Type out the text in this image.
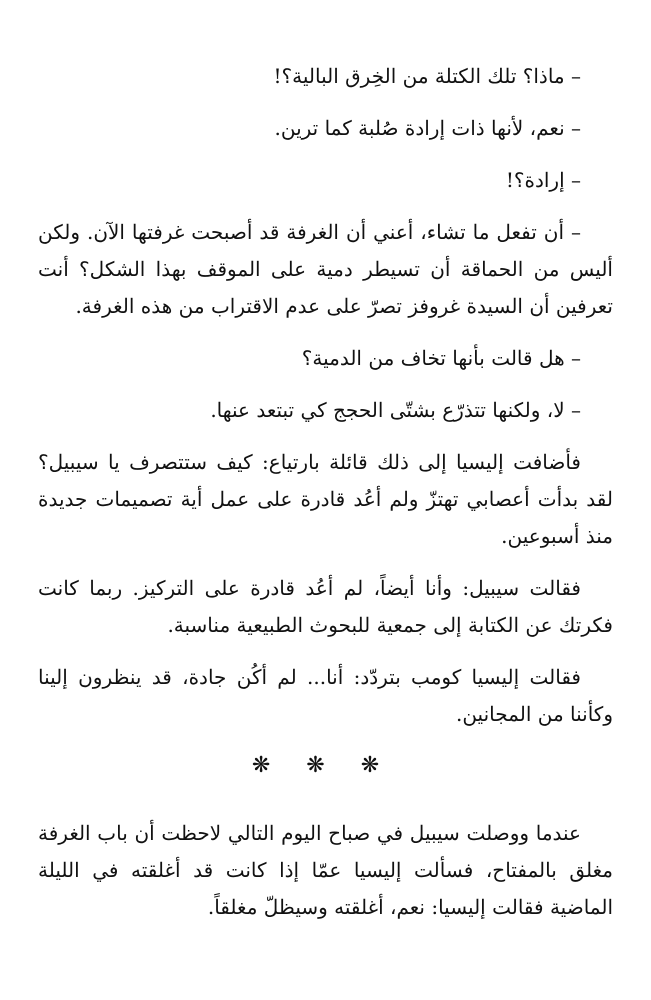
– ماذا؟ تلك الكتلة من الخِرق البالية؟!

– نعم، لأنها ذات إرادة صُلبة كما ترين.

– إرادة؟!

– أن تفعل ما تشاء، أعني أن الغرفة قد أصبحت غرفتها الآن. ولكن أليس من الحماقة أن تسيطر دمية على الموقف بهذا الشكل؟ أنت تعرفين أن السيدة غروفز تصرّ على عدم الاقتراب من هذه الغرفة.

– هل قالت بأنها تخاف من الدمية؟

– لا، ولكنها تتذرّع بشتّى الحجج كي تبتعد عنها.

فأضافت إليسيا إلى ذلك قائلة بارتياع: كيف ستتصرف يا سيبيل؟ لقد بدأت أعصابي تهتزّ ولم أعُد قادرة على عمل أية تصميمات جديدة منذ أسبوعين.

فقالت سيبيل: وأنا أيضاً، لم أعُد قادرة على التركيز. ربما كانت فكرتك عن الكتابة إلى جمعية للبحوث الطبيعية مناسبة.

فقالت إليسيا كومب بتردّد: أنا... لم أكُن جادة، قد ينظرون إلينا وكأننا من المجانين.

❋ ❋ ❋

عندما ووصلت سيبيل في صباح اليوم التالي لاحظت أن باب الغرفة مغلق بالمفتاح، فسألت إليسيا عمّا إذا كانت قد أغلقته في الليلة الماضية فقالت إليسيا: نعم، أغلقته وسيظلّ مغلقاً.
